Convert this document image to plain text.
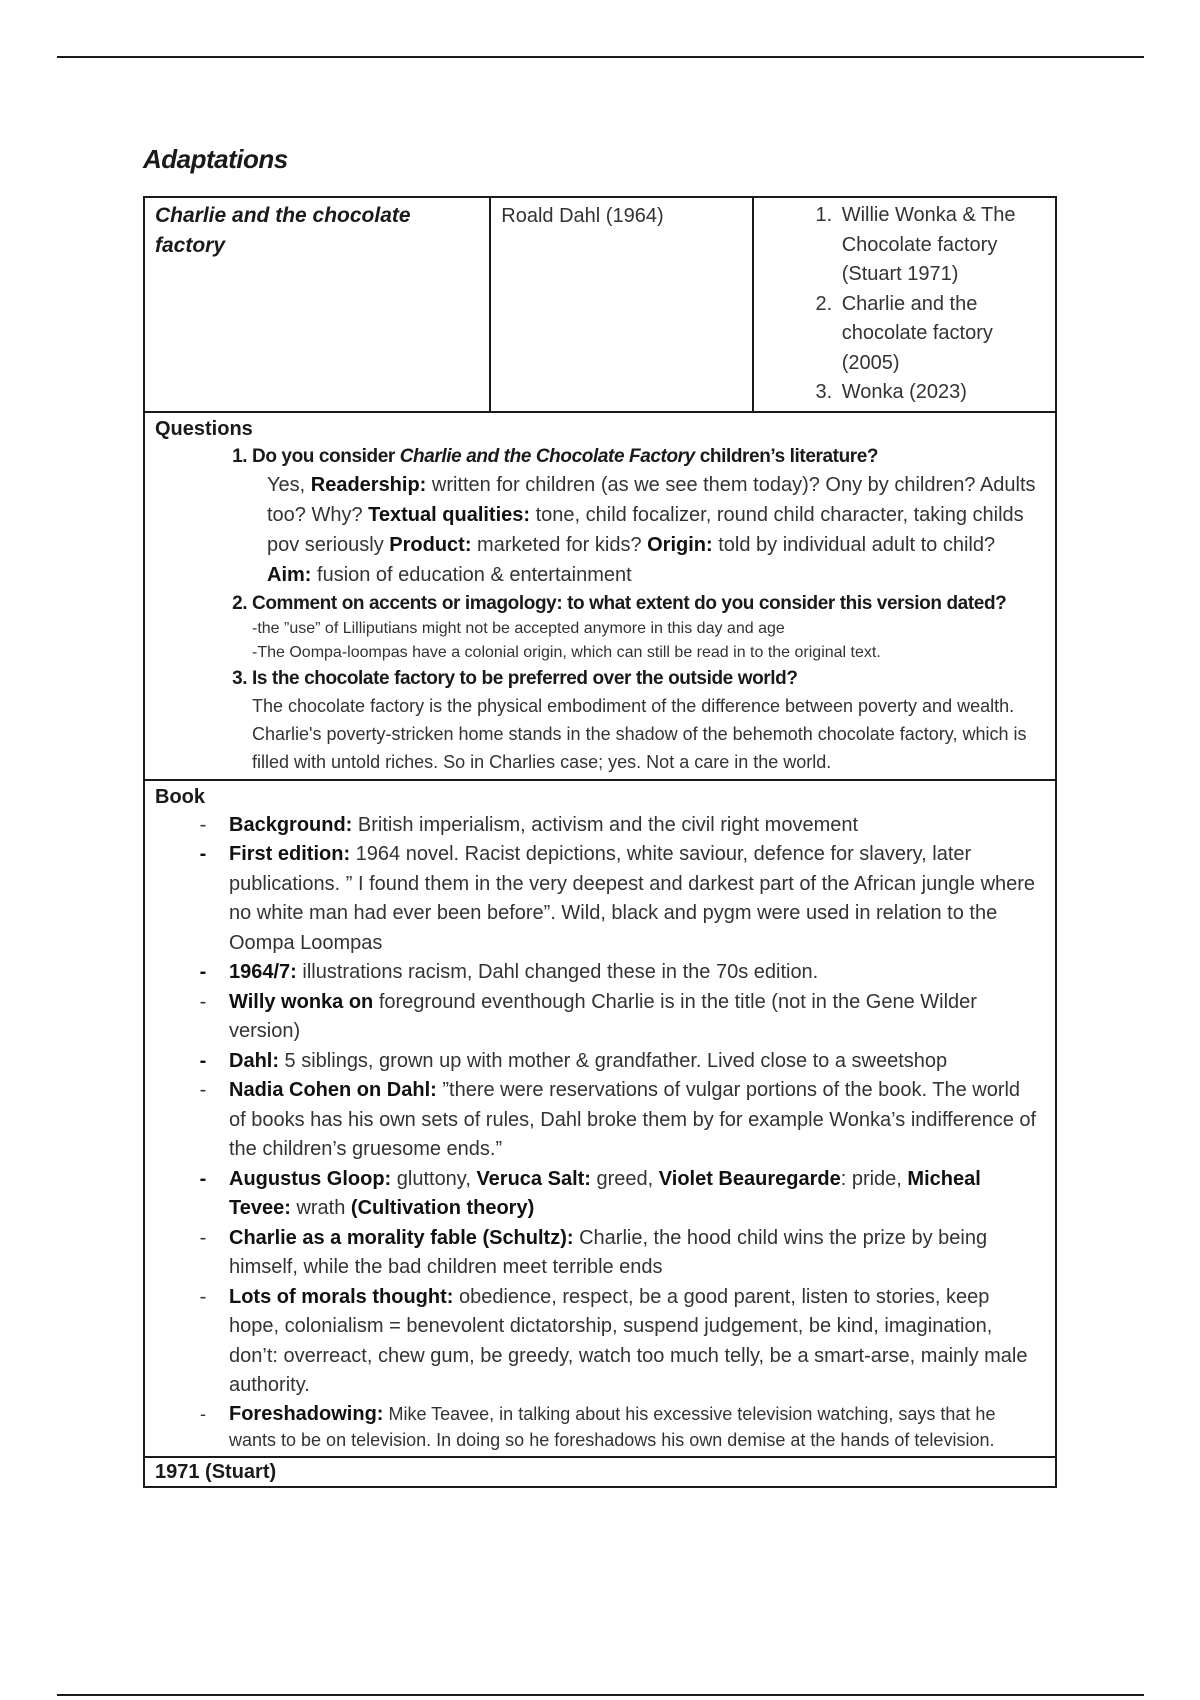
Adaptations
Charlie and the chocolate factory	Roald Dahl (1964)	
1.Willie Wonka & The Chocolate factory (Stuart 1971)
2. Charlie and the chocolate factory (2005)
3. Wonka (2023)

Questions
1. Do you consider Charlie and the Chocolate Factory children’s literature?
Yes, Readership: written for children (as we see them today)? Ony by children? Adults too? Why? Textual qualities: tone, child focalizer, round child character, taking childs pov seriously Product: marketed for kids? Origin: told by individual adult to child? Aim: fusion of education & entertainment
2. Comment on accents or imagology: to what extent do you consider this version dated?
-the ”use” of Lilliputians might not be accepted anymore in this day and age
-The Oompa-loompas have a colonial origin, which can still be read in to the original text.
3. Is the chocolate factory to be preferred over the outside world?
The chocolate factory is the physical embodiment of the difference between poverty and wealth. Charlie's poverty-stricken home stands in the shadow of the behemoth chocolate factory, which is filled with untold riches. So in Charlies case; yes. Not a care in the world.

Book
-	Background: British imperialism, activism and the civil right movement
-	First edition: 1964 novel. Racist depictions, white saviour, defence for slavery, later publications. ” I found them in the very deepest and darkest part of the African jungle where no white man had ever been before”. Wild, black and pygm were used in relation to the Oompa Loompas
-	1964/7: illustrations racism, Dahl changed these in the 70s edition.
-	Willy wonka on foreground eventhough Charlie is in the title (not in the Gene Wilder version)
-	Dahl: 5 siblings, grown up with mother & grandfather. Lived close to a sweetshop
-	Nadia Cohen on Dahl: ”there were reservations of vulgar portions of the book. The world of books has his own sets of rules, Dahl broke them by for example Wonka’s indifference of the children’s gruesome ends.”
-	Augustus Gloop: gluttony, Veruca Salt: greed, Violet Beauregarde: pride, Micheal Tevee: wrath (Cultivation theory)
-	Charlie as a morality fable (Schultz): Charlie, the hood child wins the prize by being himself, while the bad children meet terrible ends
-	Lots of morals thought: obedience, respect, be a good parent, listen to stories, keep hope, colonialism = benevolent dictatorship, suspend judgement, be kind, imagination, don’t: overreact, chew gum, be greedy, watch too much telly, be a smart-arse, mainly male authority.
-	Foreshadowing: Mike Teavee, in talking about his excessive television watching, says that he wants to be on television. In doing so he foreshadows his own demise at the hands of television.

1971 (Stuart)
